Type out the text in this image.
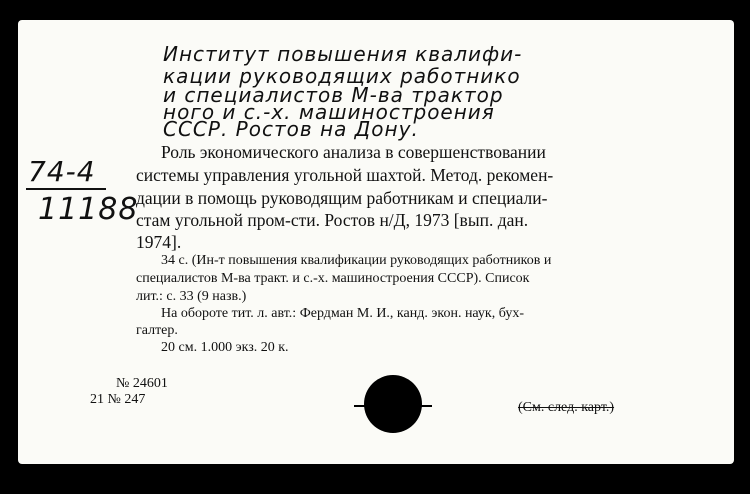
Институт повышения квалифи-
кации руководящих работнико
и специалистов М-ва трактор
ного и с.-х. машиностроения
СССР. Ростов на Дону.
74-4
11188
Роль экономического анализа в совершенствовании
системы управления угольной шахтой. Метод. рекомен-
дации в помощь руководящим работникам и специали-
стам угольной пром-сти. Ростов н/Д, 1973 [вып. дан.
1974].
34 с. (Ин-т повышения квалификации руководящих работников и
специалистов М-ва тракт. и с.-х. машиностроения СССР). Список
лит.: с. 33 (9 назв.)
На обороте тит. л. авт.: Фердман М. И., канд. экон. наук, бух-
галтер.
20 см. 1.000 экз. 20 к.
№ 24601
21 № 247
(См. след. карт.)
